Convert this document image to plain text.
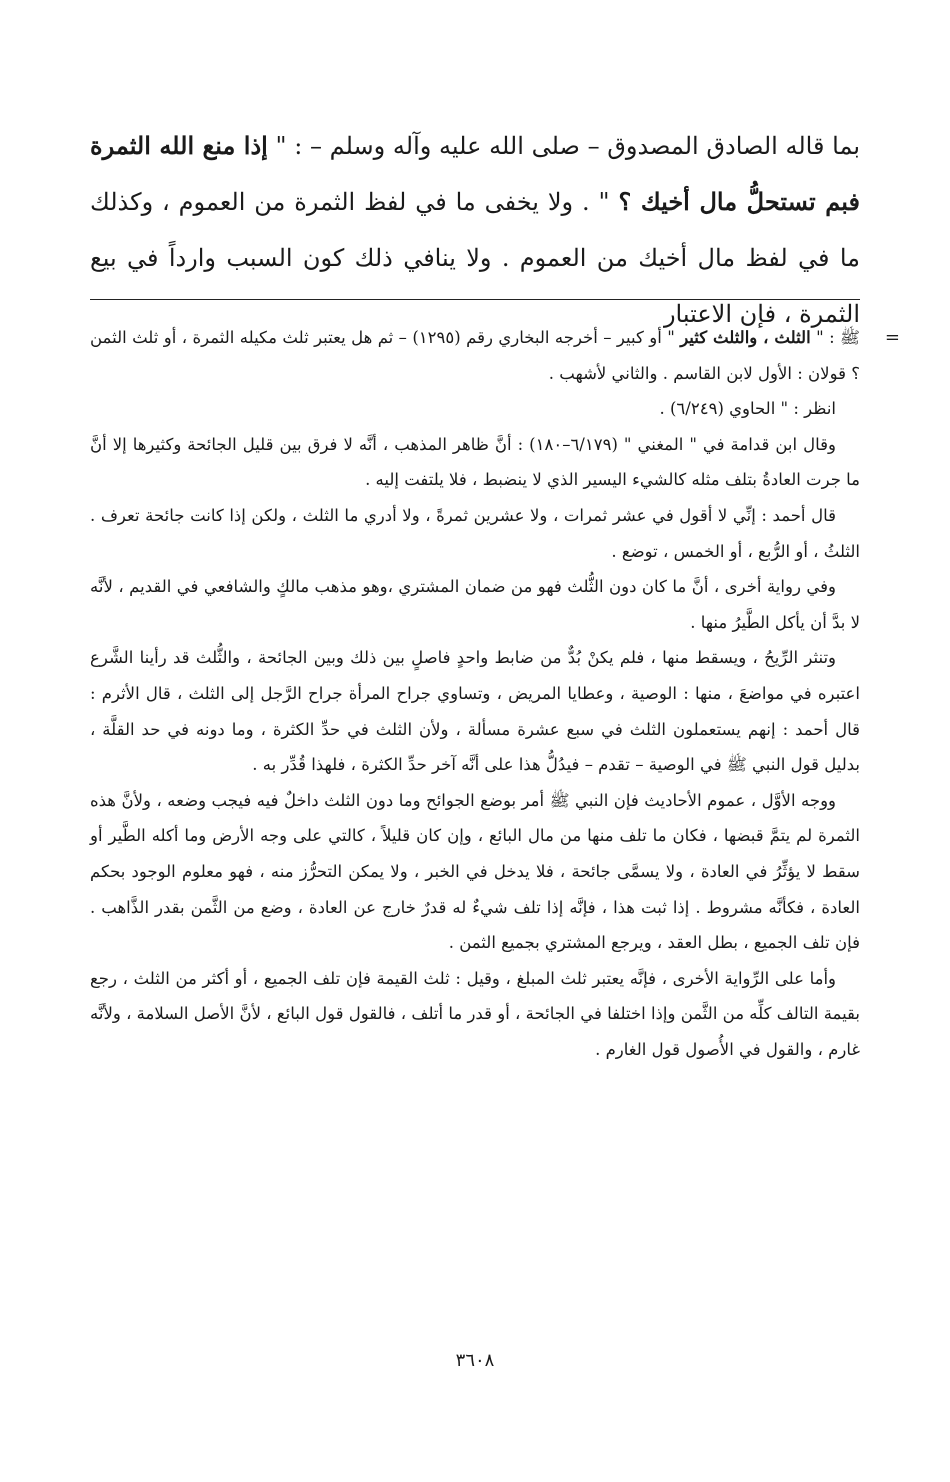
بما قاله الصادق المصدوق – صلى الله عليه وآله وسلم – : " إذا منع الله الثمرة فبم تستحلُّ مال أخيك ؟ " . ولا يخفى ما في لفظ الثمرة من العموم ، وكذلك ما في لفظ مال أخيك من العموم . ولا ينافي ذلك كون السبب وارداً في بيع الثمرة ، فإن الاعتبار

=
ﷺ : " الثلث ، والثلث كثير " أو كبير – أخرجه البخاري رقم (١٢٩٥) – ثم هل يعتبر ثلث مكيله الثمرة ، أو ثلث الثمن ؟ قولان : الأول لابن القاسم . والثاني لأشهب .

انظر : " الحاوي (٦/٢٤٩) .

وقال ابن قدامة في " المغني " (٦/١٧٩–١٨٠) : أنَّ ظاهر المذهب ، أنَّه لا فرق بين قليل الجائحة وكثيرها إلا أنَّ ما جرت العادةُ بتلف مثله كالشيء اليسير الذي لا ينضبط ، فلا يلتفت إليه .

قال أحمد : إنِّي لا أقول في عشر ثمرات ، ولا عشرين ثمرةً ، ولا أدري ما الثلث ، ولكن إذا كانت جائحة تعرف . الثلثُ ، أو الرُّبع ، أو الخمس ، توضع .

وفي رواية أخرى ، أنَّ ما كان دون الثُّلث فهو من ضمان المشتري ،وهو مذهب مالكٍ والشافعي في القديم ، لأنَّه لا بدَّ أن يأكل الطَّيرُ منها .

وتنثر الرِّيحُ ، ويسقط منها ، فلم يكنْ بُدٌّ من ضابط واحدٍ فاصلٍ بين ذلك وبين الجائحة ، والثُّلث قد رأينا الشَّرع اعتبره في مواضعَ ، منها : الوصية ، وعطايا المريض ، وتساوي جراح المرأة جراح الرَّجل إلى الثلث ، قال الأثرم : قال أحمد : إنهم يستعملون الثلث في سبع عشرة مسألة ، ولأن الثلث في حدِّ الكثرة ، وما دونه في حد القلَّة ، بدليل قول النبي ﷺ في الوصية – تقدم – فيدُلُّ هذا على أنَّه آخر حدِّ الكثرة ، فلهذا قُدِّر به .

ووجه الأوَّل ، عموم الأحاديث فإن النبي ﷺ أمر بوضع الجوائح وما دون الثلث داخلٌ فيه فيجب وضعه ، ولأنَّ هذه الثمرة لم يتمَّ قبضها ، فكان ما تلف منها من مال البائع ، وإن كان قليلاً ، كالتي على وجه الأرض وما أكله الطَّير أو سقط لا يؤثِّرُ في العادة ، ولا يسمَّى جائحة ، فلا يدخل في الخبر ، ولا يمكن التحرُّز منه ، فهو معلوم الوجود بحكم العادة ، فكأنَّه مشروط . إذا ثبت هذا ، فإنَّه إذا تلف شيءٌ له قدرٌ خارج عن العادة ، وضع من الثَّمن بقدر الذَّاهب . فإن تلف الجميع ، بطل العقد ، ويرجع المشتري بجميع الثمن .

وأما على الرِّواية الأخرى ، فإنَّه يعتبر ثلث المبلغ ، وقيل : ثلث القيمة فإن تلف الجميع ، أو أكثر من الثلث ، رجع بقيمة التالف كلِّه من الثَّمن وإذا اختلفا في الجائحة ، أو قدر ما أتلف ، فالقول قول البائع ، لأنَّ الأصل السلامة ، ولأنَّه غارم ، والقول في الأُصول قول الغارم .

٣٦٠٨
